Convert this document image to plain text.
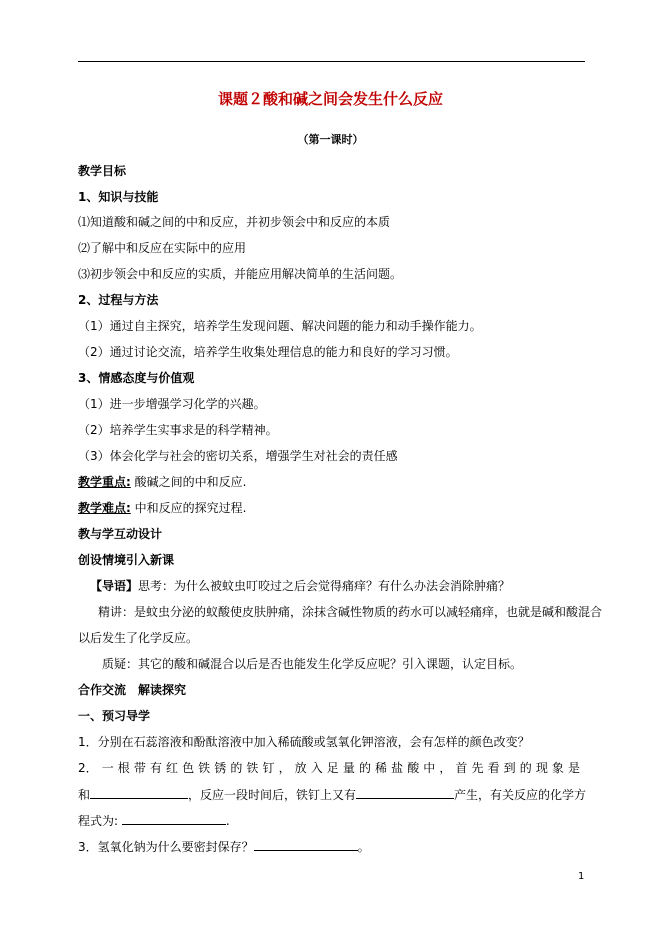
课题２酸和碱之间会发生什么反应
（第一课时）
教学目标
1、知识与技能
⑴知道酸和碱之间的中和反应，并初步领会中和反应的本质
⑵了解中和反应在实际中的应用
⑶初步领会中和反应的实质，并能应用解决简单的生活问题。
2、过程与方法
（1）通过自主探究，培养学生发现问题、解决问题的能力和动手操作能力。
（2）通过讨论交流，培养学生收集处理信息的能力和良好的学习习惯。
3、情感态度与价值观
（1）进一步增强学习化学的兴趣。
（2）培养学生实事求是的科学精神。
（3）体会化学与社会的密切关系，增强学生对社会的责任感
教学重点: 酸碱之间的中和反应.
教学难点: 中和反应的探究过程.
教与学互动设计
创设情境引入新课
【导语】思考：为什么被蚊虫叮咬过之后会觉得痛痒？有什么办法会消除肿痛？
精讲：是蚊虫分泌的蚁酸使皮肤肿痛，涂抹含碱性物质的药水可以减轻痛痒，也就是碱和酸混合
以后发生了化学反应。
质疑：其它的酸和碱混合以后是否也能发生化学反应呢？引入课题，认定目标。
合作交流　解读探究
一、预习导学
1．分别在石蕊溶液和酚酞溶液中加入稀硫酸或氢氧化钾溶液，会有怎样的颜色改变？
2． 一 根 带 有 红 色 铁 锈 的 铁 钉 ， 放 入 足 量 的 稀 盐 酸 中 ， 首 先 看 到 的 现 象 是
和	，反应一段时间后，铁钉上又有	产生，有关反应的化学方
程式为:	.
3．氢氧化钠为什么要密封保存？	。
1
